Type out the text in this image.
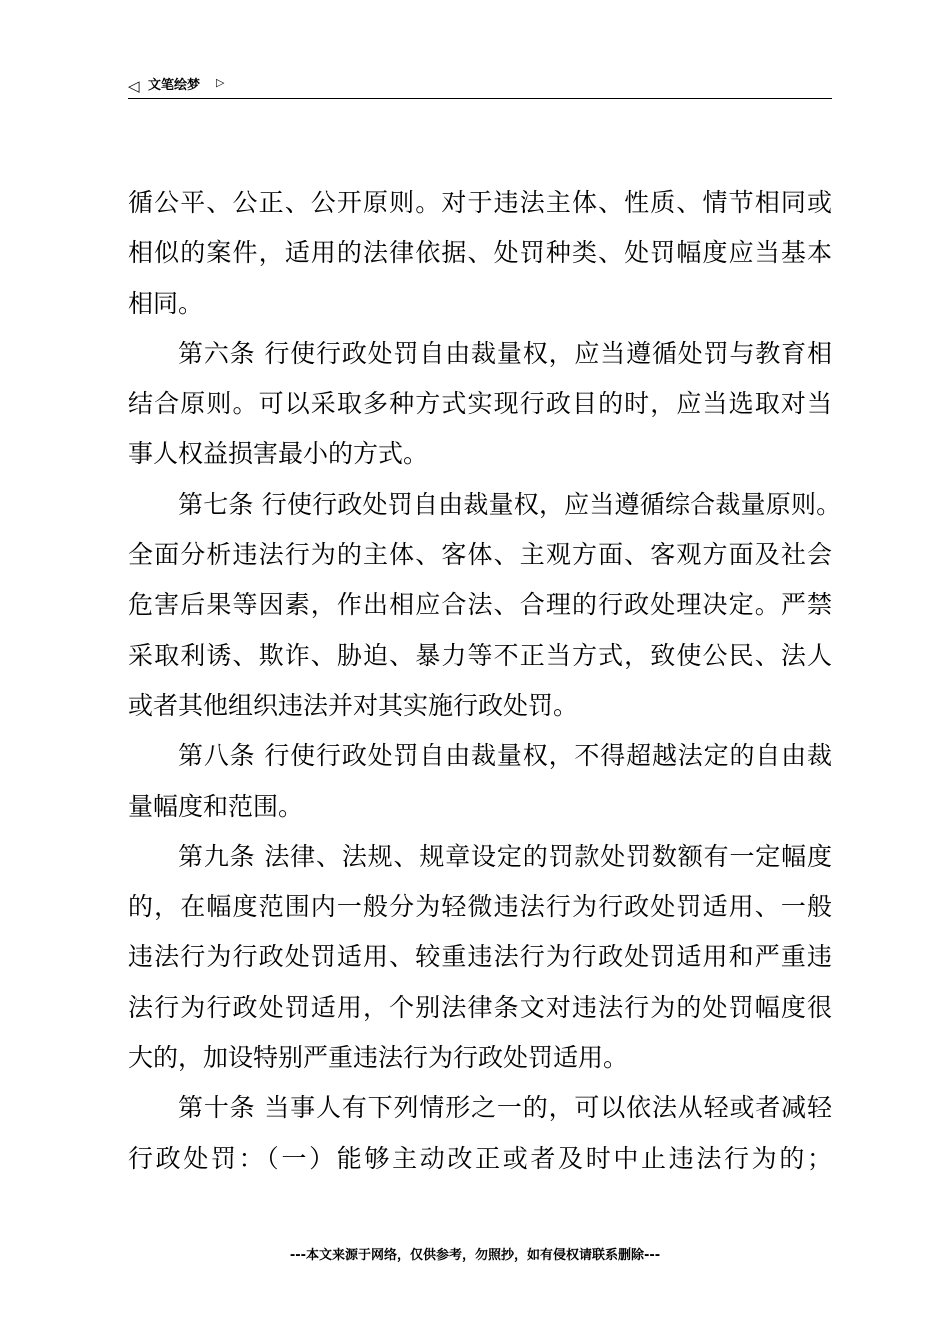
◁ 文笔绘梦 ▷
循公平、公正、公开原则。对于违法主体、性质、情节相同或
相似的案件，适用的法律依据、处罚种类、处罚幅度应当基本
相同。
第六条 行使行政处罚自由裁量权，应当遵循处罚与教育相
结合原则。可以采取多种方式实现行政目的时，应当选取对当
事人权益损害最小的方式。
第七条 行使行政处罚自由裁量权，应当遵循综合裁量原则。
全面分析违法行为的主体、客体、主观方面、客观方面及社会
危害后果等因素，作出相应合法、合理的行政处理决定。严禁
采取利诱、欺诈、胁迫、暴力等不正当方式，致使公民、法人
或者其他组织违法并对其实施行政处罚。
第八条 行使行政处罚自由裁量权，不得超越法定的自由裁
量幅度和范围。
第九条 法律、法规、规章设定的罚款处罚数额有一定幅度
的，在幅度范围内一般分为轻微违法行为行政处罚适用、一般
违法行为行政处罚适用、较重违法行为行政处罚适用和严重违
法行为行政处罚适用，个别法律条文对违法行为的处罚幅度很
大的，加设特别严重违法行为行政处罚适用。
第十条 当事人有下列情形之一的，可以依法从轻或者减轻
行政处罚：（一）能够主动改正或者及时中止违法行为的；
---本文来源于网络，仅供参考，勿照抄，如有侵权请联系删除---
